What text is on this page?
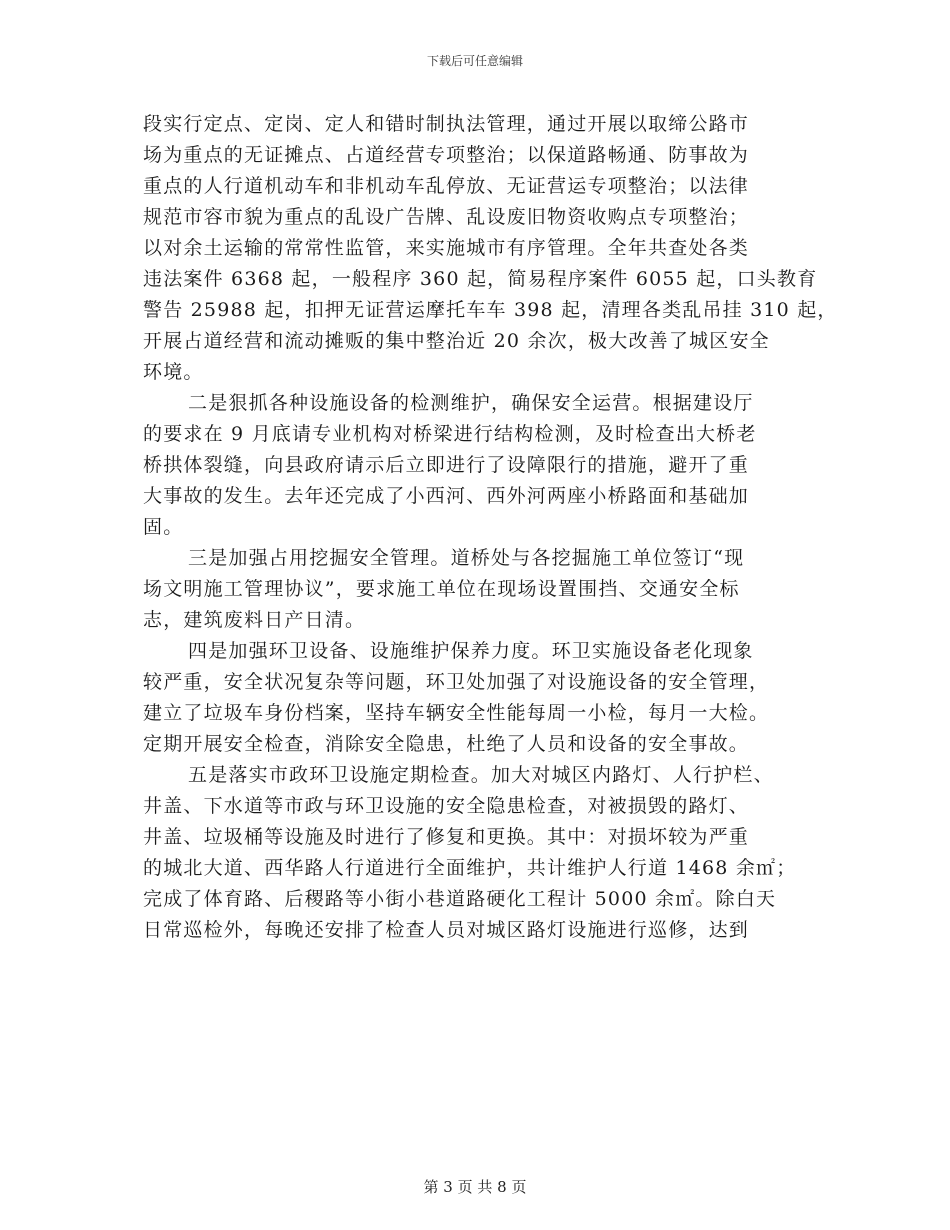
下载后可任意编辑
段实行定点、定岗、定人和错时制执法管理，通过开展以取缔公路市
场为重点的无证摊点、占道经营专项整治；以保道路畅通、防事故为
重点的人行道机动车和非机动车乱停放、无证营运专项整治；以法律
规范市容市貌为重点的乱设广告牌、乱设废旧物资收购点专项整治；
以对余土运输的常常性监管，来实施城市有序管理。全年共查处各类
违法案件 6368 起，一般程序 360 起，简易程序案件 6055 起，口头教育
警告 25988 起，扣押无证营运摩托车车 398 起，清理各类乱吊挂 310 起，
开展占道经营和流动摊贩的集中整治近 20 余次，极大改善了城区安全
环境。
二是狠抓各种设施设备的检测维护，确保安全运营。根据建设厅
的要求在 9 月底请专业机构对桥梁进行结构检测，及时检查出大桥老
桥拱体裂缝，向县政府请示后立即进行了设障限行的措施，避开了重
大事故的发生。去年还完成了小西河、西外河两座小桥路面和基础加
固。
三是加强占用挖掘安全管理。道桥处与各挖掘施工单位签订“现
场文明施工管理协议”，要求施工单位在现场设置围挡、交通安全标
志，建筑废料日产日清。
四是加强环卫设备、设施维护保养力度。环卫实施设备老化现象
较严重，安全状况复杂等问题，环卫处加强了对设施设备的安全管理，
建立了垃圾车身份档案，坚持车辆安全性能每周一小检，每月一大检。
定期开展安全检查，消除安全隐患，杜绝了人员和设备的安全事故。
五是落实市政环卫设施定期检查。加大对城区内路灯、人行护栏、
井盖、下水道等市政与环卫设施的安全隐患检查，对被损毁的路灯、
井盖、垃圾桶等设施及时进行了修复和更换。其中：对损坏较为严重
的城北大道、西华路人行道进行全面维护，共计维护人行道 1468 余㎡；
完成了体育路、后稷路等小街小巷道路硬化工程计 5000 余㎡。除白天
日常巡检外，每晚还安排了检查人员对城区路灯设施进行巡修，达到
第 3 页 共 8 页
